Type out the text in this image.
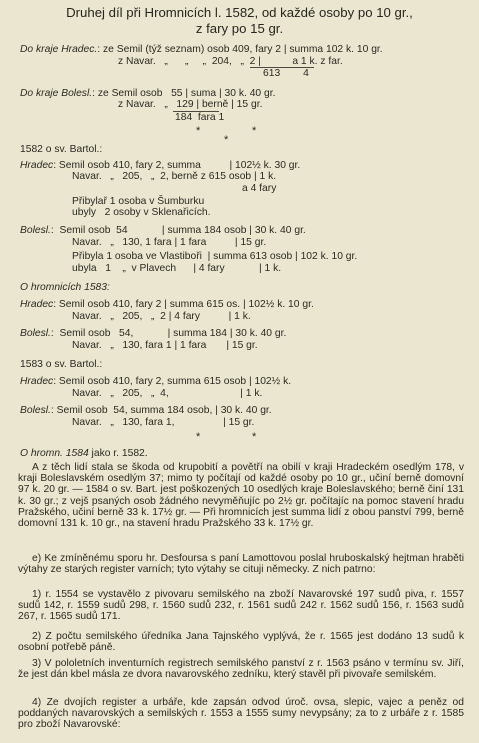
Druhej díl při Hromnicích l. 1582, od každé osoby po 10 gr.,
z fary po 15 gr.
Do kraje Hradec.: ze Semil (týž seznam) osob 409, fary 2 | summa 102 k. 10 gr.
z Navar.   „      „     „  204,   „  2 |           a 1 k. z far.
613        4
Do kraje Bolesl.: ze Semil osob   55 | suma | 30 k. 40 gr.
z Navar.   „   129 | berně | 15 gr.
184  fara 1
*	*
*
1582 o sv. Bartol.:
Hradec: Semil osob 410, fary 2, summa          | 102½ k. 30 gr.
Navar.   „   205,   „  2, berně z 615 osob | 1 k.
a 4 fary
Přibylař 1 osoba v Šumburku
ubyly   2 osoby v Sklenařicích.
Bolesl.:  Semil osob  54            | summa 184 osob | 30 k. 40 gr.
Navar.   „   130, 1 fara | 1 fara          | 15 gr.
Přibyla 1 osoba ve Vlastiboři  | summa 613 osob | 102 k. 10 gr.
ubyla   1    „  v Plavech      | 4 fary            | 1 k.
O hromnicích 1583:
Hradec: Semil osob 410, fary 2 | summa 615 os. | 102½ k. 10 gr.
Navar.   „   205,   „  2 | 4 fary          | 1 k.
Bolesl.:  Semil osob   54,            | summa 184 | 30 k. 40 gr.
Navar.   „   130, fara 1 | 1 fara       | 15 gr.
1583 o sv. Bartol.:
Hradec: Semil osob 410, fary 2, summa 615 osob | 102½ k.
Navar.   „   205,   „  4,                         | 1 k.
Bolesl.: Semil osob  54, summa 184 osob, | 30 k. 40 gr.
Navar.   „   130, fara 1,                 | 15 gr.
*	*
O hromn. 1584 jako r. 1582.
A z těch lidí stala se škoda od krupobití a povětří na obilí v kraji Hradeckém osedlým 178, v kraji Boleslavském osedlým 37; mimo ty počítají od každé osoby po 10 gr., učiní berně domovní 97 k. 20 gr. — 1584 o sv. Bart. jest poškozených 10 osedlých kraje Boleslavského; berně činí 131 k. 30 gr.; z vejš psaných osob žádného nevyměňujíc po 2½ gr. počítajíc na pomoc stavení hradu Pražského, učiní berně 33 k. 17½ gr. — Při hromnicích jest summa lidí z obou panství 799, berně domovní 131 k. 10 gr., na stavení hradu Pražského 33 k. 17½ gr.
e) Ke zmíněnému sporu hr. Desfoursa s paní Lamottovou poslal hruboskalský hejtman hraběti výtahy ze starých register varních; tyto výtahy se cituji německy. Z nich patrno:
1) r. 1554 se vystavělo z pivovaru semilského na zboží Navarovské 197 sudů piva, r. 1557 sudů 142, r. 1559 sudů 298, r. 1560 sudů 232, r. 1561 sudů 242 r. 1562 sudů 156, r. 1563 sudů 267, r. 1565 sudů 171.
2) Z počtu semilského úředníka Jana Tajnského vyplývá, že r. 1565 jest dodáno 13 sudů k osobní potřebě páně.
3) V pololetních inventurních registrech semilského panství z r. 1563 psáno v termínu sv. Jiří, že jest dán kbel másla ze dvora navarovského zedníku, který stavěl při pivovaře semilském.
4) Ze dvojích register a urbáře, kde zapsán odvod úroč. ovsa, slepic, vajec a peněz od poddaných navarovských a semilských r. 1553 a 1555 sumy nevypsány; za to z urbáře z r. 1585 pro zboží Navarovské:
